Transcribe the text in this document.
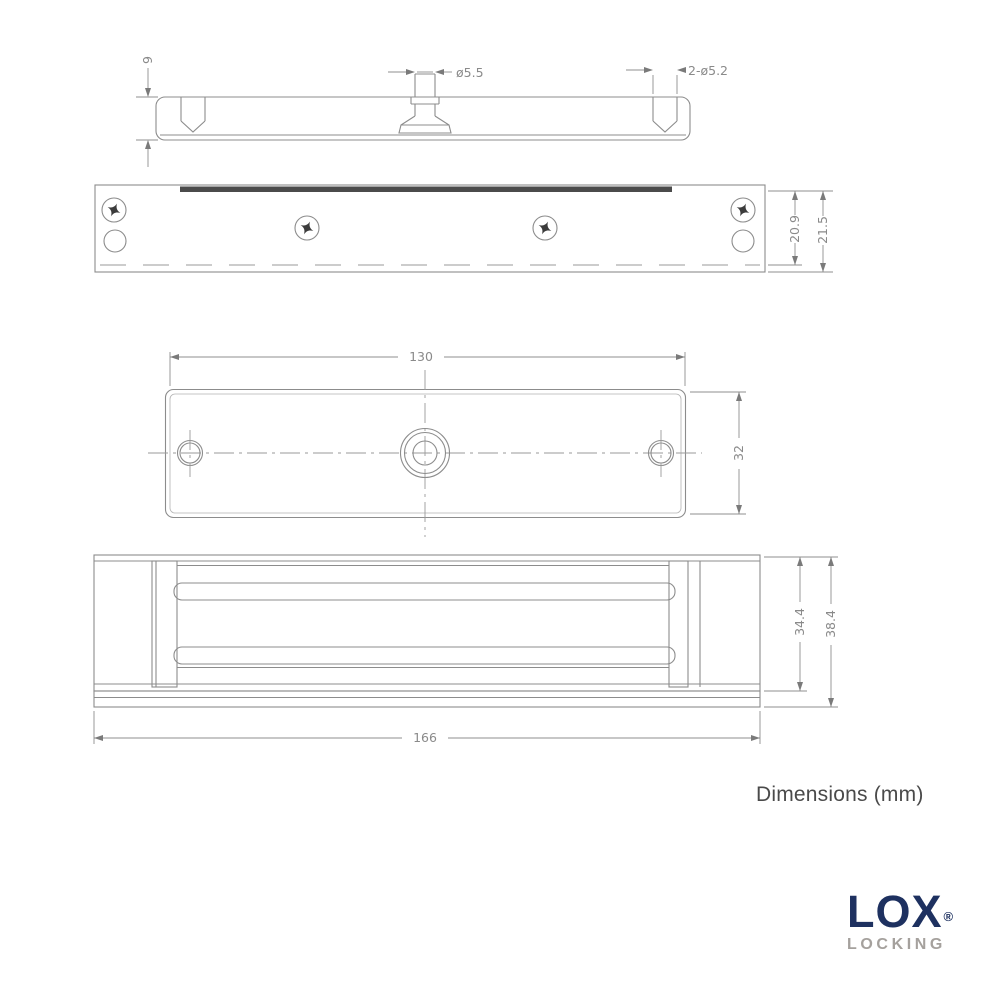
9
ø5.5	2-ø5.2
20.9 21.5
130
32
34.4 38.4
166
Dimensions (mm)
LOX®
LOCKING
